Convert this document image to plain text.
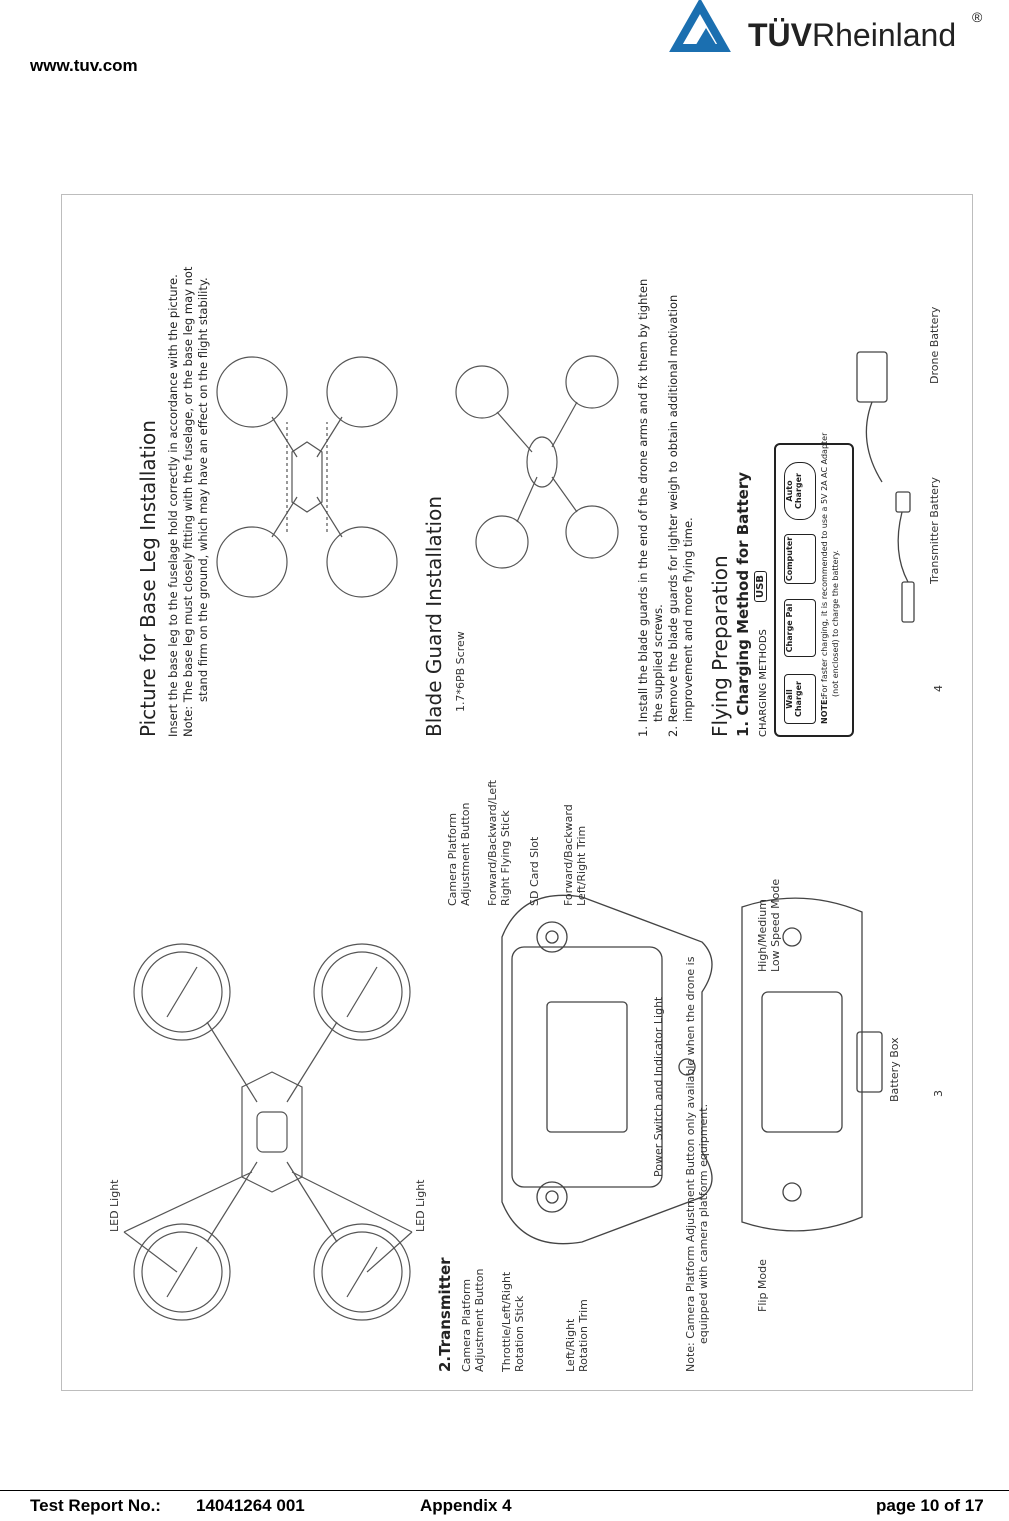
www.tuv.com
TÜVRheinland ®
LED Light	LED Light
2.Transmitter Camera Platform
Adjustment Button Throttle/Left/Right
Rotation Stick
Left/Right
Rotation Trim
Camera Platform
Adjustment Button Forward/Backward/Left
Right Flying Stick
SD Card Slot Forward/Backward
Left/Right Trim
Power Switch and Indicator Light
Note: Camera Platform Adjustment Button only available when the drone is
equipped with camera platform equipment.
Flip Mode
High/Medium
Low Speed Mode
Battery Box	3
Picture for Base Leg Installation Insert the base leg to the fuselage hold correctly in accordance with the picture. Note: The base leg must closely fitting with the fuselage, or the base leg may not stand firm on the ground, which may have an effect on the flight stability.	Blade Guard Installation 1.7*6PB Screw	1. Install the blade guards in the end of the drone arms and fix them by tighten the supplied screws. 2. Remove the blade guards for lighter weigh to obtain additional motivation improvement and more flying time. Flying Preparation 1. Charging Method for Battery CHARGING METHODS
USB
Wall Charger
Charge Pal
Computer
Auto Charger
NOTE:
For faster charging, it is recommended to use a 5V 2A AC Adapter (not enclosed) to charge the battery.
Transmitter Battery
Drone Battery
4
Test Report No.: 14041264 001	Appendix 4	page 10 of 17
